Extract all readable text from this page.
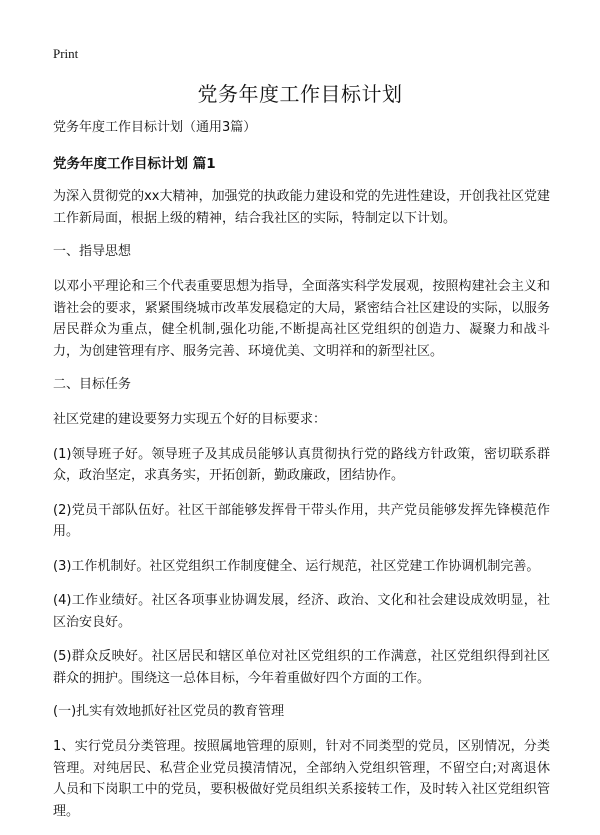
Print
党务年度工作目标计划
党务年度工作目标计划（通用3篇）
党务年度工作目标计划 篇1
为深入贯彻党的xx大精神，加强党的执政能力建设和党的先进性建设，开创我社区党建工作新局面，根据上级的精神，结合我社区的实际，特制定以下计划。
一、指导思想
以邓小平理论和三个代表重要思想为指导，全面落实科学发展观，按照构建社会主义和谐社会的要求，紧紧围绕城市改革发展稳定的大局，紧密结合社区建设的实际，以服务居民群众为重点，健全机制,强化功能,不断提高社区党组织的创造力、凝聚力和战斗力，为创建管理有序、服务完善、环境优美、文明祥和的新型社区。
二、目标任务
社区党建的建设要努力实现五个好的目标要求：
(1)领导班子好。领导班子及其成员能够认真贯彻执行党的路线方针政策，密切联系群众，政治坚定，求真务实，开拓创新，勤政廉政，团结协作。
(2)党员干部队伍好。社区干部能够发挥骨干带头作用，共产党员能够发挥先锋模范作用。
(3)工作机制好。社区党组织工作制度健全、运行规范，社区党建工作协调机制完善。
(4)工作业绩好。社区各项事业协调发展，经济、政治、文化和社会建设成效明显，社区治安良好。
(5)群众反映好。社区居民和辖区单位对社区党组织的工作满意，社区党组织得到社区群众的拥护。围绕这一总体目标，今年着重做好四个方面的工作。
(一)扎实有效地抓好社区党员的教育管理
1、实行党员分类管理。按照属地管理的原则，针对不同类型的党员，区别情况，分类管理。对纯居民、私营企业党员摸清情况，全部纳入党组织管理，不留空白;对离退休人员和下岗职工中的党员，要积极做好党员组织关系接转工作，及时转入社区党组织管理。
